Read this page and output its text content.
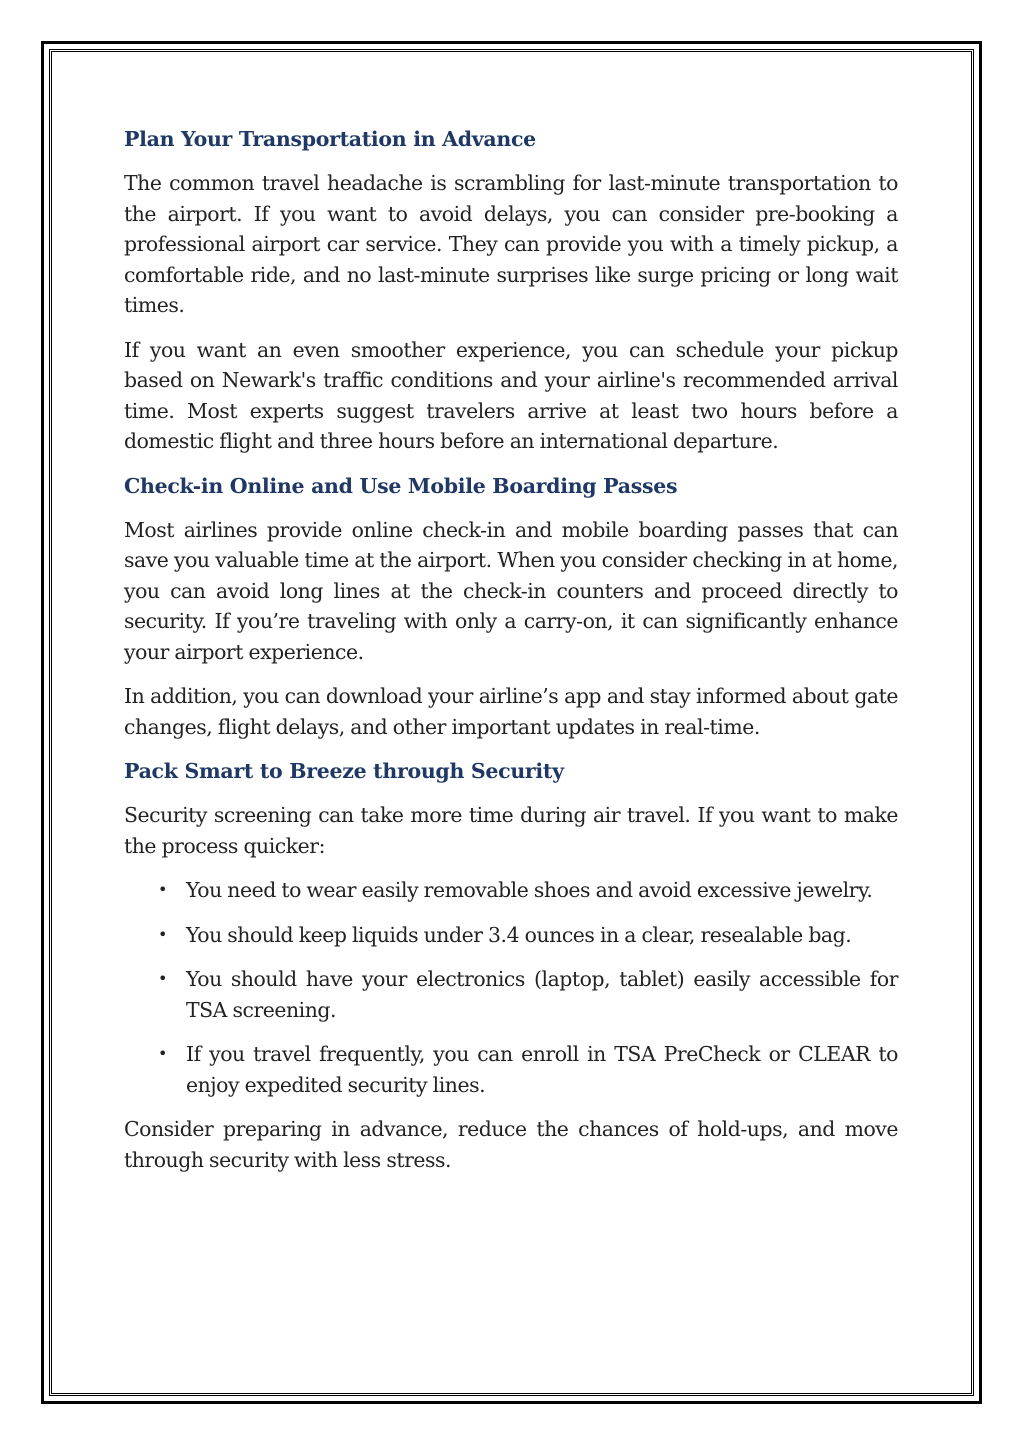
Plan Your Transportation in Advance

The common travel headache is scrambling for last-minute transportation to the airport. If you want to avoid delays, you can consider pre-booking a professional airport car service. They can provide you with a timely pickup, a comfortable ride, and no last-minute surprises like surge pricing or long wait times.

If you want an even smoother experience, you can schedule your pickup based on Newark's traffic conditions and your airline's recommended arrival time. Most experts suggest travelers arrive at least two hours before a domestic flight and three hours before an international departure.

Check-in Online and Use Mobile Boarding Passes

Most airlines provide online check-in and mobile boarding passes that can save you valuable time at the airport. When you consider checking in at home, you can avoid long lines at the check-in counters and proceed directly to security. If you’re traveling with only a carry-on, it can significantly enhance your airport experience.

In addition, you can download your airline’s app and stay informed about gate changes, flight delays, and other important updates in real-time.

Pack Smart to Breeze through Security

Security screening can take more time during air travel. If you want to make the process quicker:

• You need to wear easily removable shoes and avoid excessive jewelry.
• You should keep liquids under 3.4 ounces in a clear, resealable bag.
• You should have your electronics (laptop, tablet) easily accessible for TSA screening.
• If you travel frequently, you can enroll in TSA PreCheck or CLEAR to enjoy expedited security lines.

Consider preparing in advance, reduce the chances of hold-ups, and move through security with less stress.
